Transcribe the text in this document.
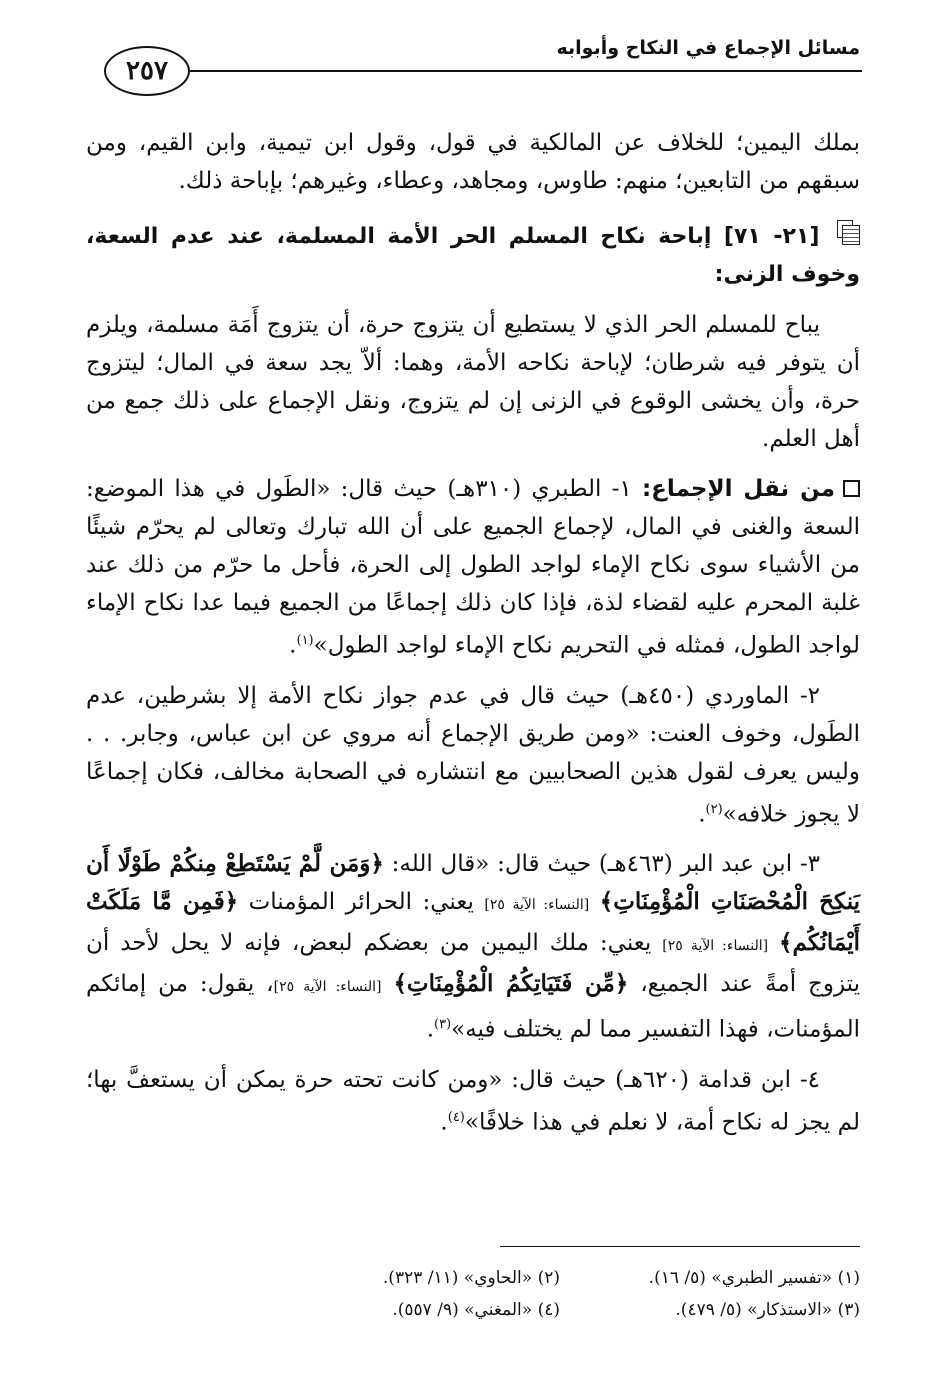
مسائل الإجماع في النكاح وأبوابه
٢٥٧

بملك اليمين؛ للخلاف عن المالكية في قول، وقول ابن تيمية، وابن القيم، ومن سبقهم من التابعين؛ منهم: طاوس، ومجاهد، وعطاء، وغيرهم؛ بإباحة ذلك.

[٢١- ٧١] إباحة نكاح المسلم الحر الأمة المسلمة، عند عدم السعة، وخوف الزنى:

يباح للمسلم الحر الذي لا يستطيع أن يتزوج حرة، أن يتزوج أَمَة مسلمة، ويلزم أن يتوفر فيه شرطان؛ لإباحة نكاحه الأمة، وهما: ألاّ يجد سعة في المال؛ ليتزوج حرة، وأن يخشى الوقوع في الزنى إن لم يتزوج، ونقل الإجماع على ذلك جمع من أهل العلم.

من نقل الإجماع: ١- الطبري (٣١٠هـ) حيث قال: «الطَول في هذا الموضع: السعة والغنى في المال، لإجماع الجميع على أن الله تبارك وتعالى لم يحرّم شيئًا من الأشياء سوى نكاح الإماء لواجد الطول إلى الحرة، فأحل ما حرّم من ذلك عند غلبة المحرم عليه لقضاء لذة، فإذا كان ذلك إجماعًا من الجميع فيما عدا نكاح الإماء لواجد الطول، فمثله في التحريم نكاح الإماء لواجد الطول»$^{(١)}$.

٢- الماوردي (٤٥٠هـ) حيث قال في عدم جواز نكاح الأمة إلا بشرطين، عدم الطَول، وخوف العنت: «ومن طريق الإجماع أنه مروي عن ابن عباس، وجابر. . . وليس يعرف لقول هذين الصحابيين مع انتشاره في الصحابة مخالف، فكان إجماعًا لا يجوز خلافه»$^{(٢)}$.

٣- ابن عبد البر (٤٦٣هـ) حيث قال: «قال الله: ﴿وَمَن لَّمْ يَسْتَطِعْ مِنكُمْ طَوْلًا أَن يَنكِحَ الْمُحْصَنَاتِ الْمُؤْمِنَاتِ﴾ [النساء: الآية ٢٥] يعني: الحرائر المؤمنات ﴿فَمِن مَّا مَلَكَتْ أَيْمَانُكُم﴾ [النساء: الآية ٢٥] يعني: ملك اليمين من بعضكم لبعض، فإنه لا يحل لأحد أن يتزوج أمةً عند الجميع، ﴿مِّن فَتَيَاتِكُمُ الْمُؤْمِنَاتِ﴾ [النساء: الآية ٢٥]، يقول: من إمائكم المؤمنات، فهذا التفسير مما لم يختلف فيه»$^{(٣)}$.

٤- ابن قدامة (٦٢٠هـ) حيث قال: «ومن كانت تحته حرة يمكن أن يستعفَّ بها؛ لم يجز له نكاح أمة، لا نعلم في هذا خلافًا»$^{(٤)}$.

(١) «تفسير الطبري» (٥/ ١٦).
(٢) «الحاوي» (١١/ ٣٢٣).
(٣) «الاستذكار» (٥/ ٤٧٩).
(٤) «المغني» (٩/ ٥٥٧).
